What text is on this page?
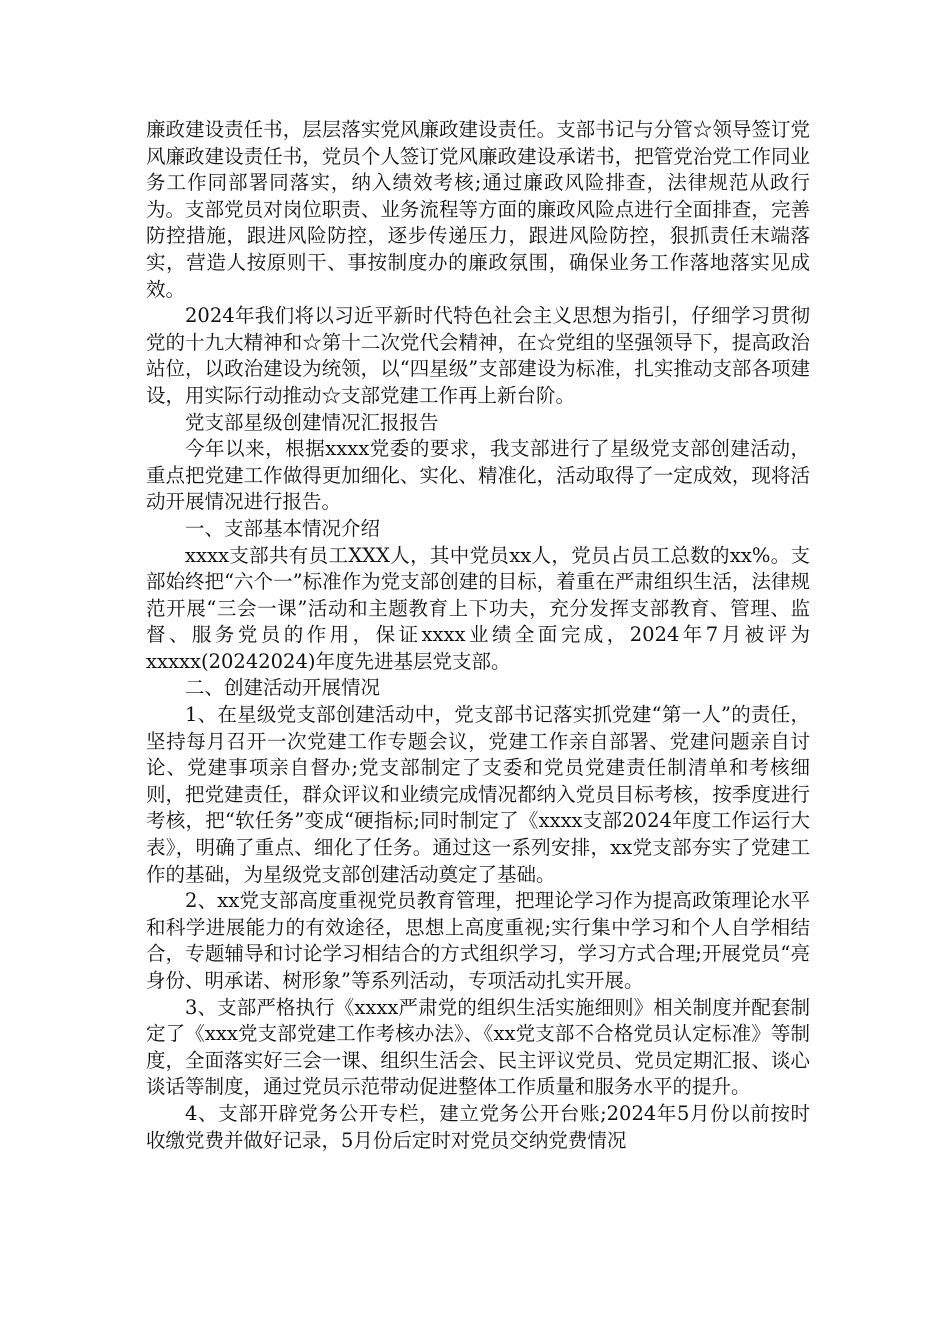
廉政建设责任书，层层落实党风廉政建设责任。支部书记与分管☆领导签订党风廉政建设责任书，党员个人签订党风廉政建设承诺书，把管党治党工作同业务工作同部署同落实，纳入绩效考核;通过廉政风险排查，法律规范从政行为。支部党员对岗位职责、业务流程等方面的廉政风险点进行全面排查，完善防控措施，跟进风险防控，逐步传递压力，跟进风险防控，狠抓责任末端落实，营造人按原则干、事按制度办的廉政氛围，确保业务工作落地落实见成效。

2024年我们将以习近平新时代特色社会主义思想为指引，仔细学习贯彻党的十九大精神和☆第十二次党代会精神，在☆党组的坚强领导下，提高政治站位，以政治建设为统领，以“四星级”支部建设为标准，扎实推动支部各项建设，用实际行动推动☆支部党建工作再上新台阶。

党支部星级创建情况汇报报告

今年以来，根据xxxx党委的要求，我支部进行了星级党支部创建活动，重点把党建工作做得更加细化、实化、精准化，活动取得了一定成效，现将活动开展情况进行报告。

一、支部基本情况介绍

xxxx支部共有员工XXX人，其中党员xx人，党员占员工总数的xx%。支部始终把“六个一”标准作为党支部创建的目标，着重在严肃组织生活，法律规范开展“三会一课”活动和主题教育上下功夫，充分发挥支部教育、管理、监督、服务党员的作用，保证xxxx业绩全面完成，2024年7月被评为xxxxx(20242024)年度先进基层党支部。

二、创建活动开展情况

1、在星级党支部创建活动中，党支部书记落实抓党建“第一人”的责任，坚持每月召开一次党建工作专题会议，党建工作亲自部署、党建问题亲自讨论、党建事项亲自督办;党支部制定了支委和党员党建责任制清单和考核细则，把党建责任，群众评议和业绩完成情况都纳入党员目标考核，按季度进行考核，把“软任务”变成“硬指标;同时制定了《xxxx支部2024年度工作运行大表》，明确了重点、细化了任务。通过这一系列安排，xx党支部夯实了党建工作的基础，为星级党支部创建活动奠定了基础。

2、xx党支部高度重视党员教育管理，把理论学习作为提高政策理论水平和科学进展能力的有效途径，思想上高度重视;实行集中学习和个人自学相结合，专题辅导和讨论学习相结合的方式组织学习，学习方式合理;开展党员“亮身份、明承诺、树形象”等系列活动，专项活动扎实开展。

3、支部严格执行《xxxx严肃党的组织生活实施细则》相关制度并配套制定了《xxx党支部党建工作考核办法》、《xx党支部不合格党员认定标准》等制度，全面落实好三会一课、组织生活会、民主评议党员、党员定期汇报、谈心谈话等制度，通过党员示范带动促进整体工作质量和服务水平的提升。

4、支部开辟党务公开专栏，建立党务公开台账;2024年5月份以前按时收缴党费并做好记录，5月份后定时对党员交纳党费情况
